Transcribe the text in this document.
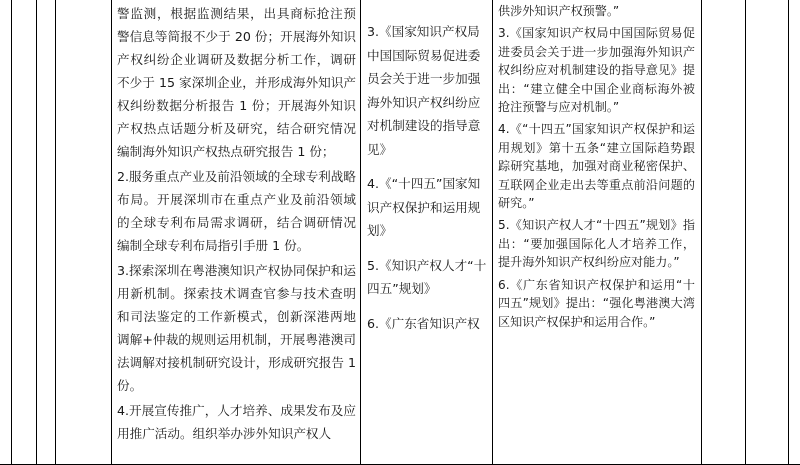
警监测，根据监测结果，出具商标抢注预警信息等简报不少于 20 份；开展海外知识产权纠纷企业调研及数据分析工作，调研不少于 15 家深圳企业，并形成海外知识产权纠纷数据分析报告 1 份；开展海外知识产权热点话题分析及研究，结合研究情况编制海外知识产权热点研究报告 1 份；

2.服务重点产业及前沿领域的全球专利战略布局。开展深圳市在重点产业及前沿领域的全球专利布局需求调研，结合调研情况编制全球专利布局指引手册 1 份。

3.探索深圳在粤港澳知识产权协同保护和运用新机制。探索技术调查官参与技术查明和司法鉴定的工作新模式，创新深港两地调解+仲裁的规则运用机制，开展粤港澳司法调解对接机制研究设计，形成研究报告 1 份。

4.开展宣传推广，人才培养、成果发布及应用推广活动。组织举办涉外知识产权人

3.《国家知识产权局中国国际贸易促进委员会关于进一步加强海外知识产权纠纷应对机制建设的指导意见》

4.《“十四五”国家知识产权保护和运用规划》

5.《知识产权人才“十四五”规划》

6.《广东省知识产权

供涉外知识产权预警。”

3.《国家知识产权局中国国际贸易促进委员会关于进一步加强海外知识产权纠纷应对机制建设的指导意见》提出：“建立健全中国企业商标海外被抢注预警与应对机制。”

4.《“十四五”国家知识产权保护和运用规划》第十五条“建立国际趋势跟踪研究基地，加强对商业秘密保护、互联网企业走出去等重点前沿问题的研究。”

5.《知识产权人才“十四五”规划》指出：“要加强国际化人才培养工作，提升海外知识产权纠纷应对能力。”

6.《广东省知识产权保护和运用“十四五”规划》提出：“强化粤港澳大湾区知识产权保护和运用合作。”
